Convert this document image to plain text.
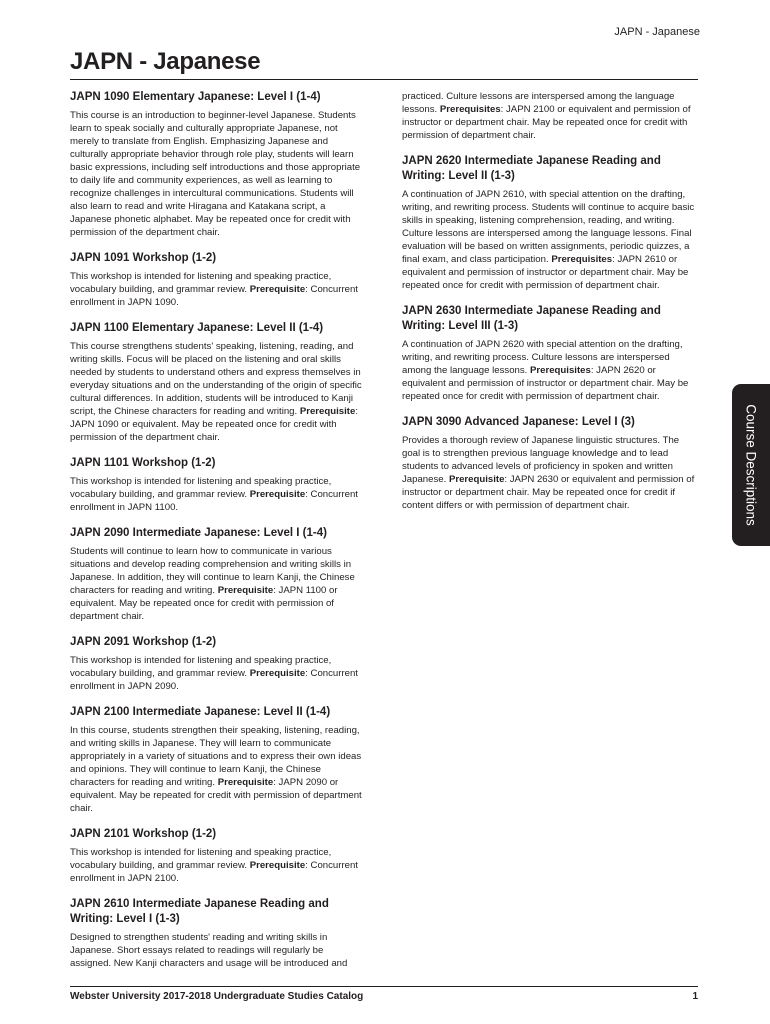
JAPN - Japanese
JAPN - Japanese
JAPN 1090 Elementary Japanese: Level I (1-4)

This course is an introduction to beginner-level Japanese. Students learn to speak socially and culturally appropriate Japanese, not merely to translate from English. Emphasizing Japanese and culturally appropriate behavior through role play, students will learn basic expressions, including self introductions and those appropriate to daily life and community experiences, as well as learning to recognize challenges in intercultural communications. Students will also learn to read and write Hiragana and Katakana script, a Japanese phonetic alphabet. May be repeated once for credit with permission of the department chair.

JAPN 1091 Workshop (1-2)

This workshop is intended for listening and speaking practice, vocabulary building, and grammar review. Prerequisite: Concurrent enrollment in JAPN 1090.

JAPN 1100 Elementary Japanese: Level II (1-4)

This course strengthens students' speaking, listening, reading, and writing skills. Focus will be placed on the listening and oral skills needed by students to understand others and express themselves in everyday situations and on the understanding of the origin of specific cultural differences. In addition, students will be introduced to Kanji script, the Chinese characters for reading and writing. Prerequisite: JAPN 1090 or equivalent. May be repeated once for credit with permission of the department chair.

JAPN 1101 Workshop (1-2)

This workshop is intended for listening and speaking practice, vocabulary building, and grammar review. Prerequisite: Concurrent enrollment in JAPN 1100.

JAPN 2090 Intermediate Japanese: Level I (1-4)

Students will continue to learn how to communicate in various situations and develop reading comprehension and writing skills in Japanese. In addition, they will continue to learn Kanji, the Chinese characters for reading and writing. Prerequisite: JAPN 1100 or equivalent. May be repeated once for credit with permission of department chair.

JAPN 2091 Workshop (1-2)

This workshop is intended for listening and speaking practice, vocabulary building, and grammar review. Prerequisite: Concurrent enrollment in JAPN 2090.

JAPN 2100 Intermediate Japanese: Level II (1-4)

In this course, students strengthen their speaking, listening, reading, and writing skills in Japanese. They will learn to communicate appropriately in a variety of situations and to express their own ideas and opinions. They will continue to learn Kanji, the Chinese characters for reading and writing. Prerequisite: JAPN 2090 or equivalent. May be repeated for credit with permission of department chair.

JAPN 2101 Workshop (1-2)

This workshop is intended for listening and speaking practice, vocabulary building, and grammar review. Prerequisite: Concurrent enrollment in JAPN 2100.

JAPN 2610 Intermediate Japanese Reading and Writing: Level I (1-3)

Designed to strengthen students' reading and writing skills in Japanese. Short essays related to readings will regularly be assigned. New Kanji characters and usage will be introduced and

practiced. Culture lessons are interspersed among the language lessons. Prerequisites: JAPN 2100 or equivalent and permission of instructor or department chair. May be repeated once for credit with permission of department chair.

JAPN 2620 Intermediate Japanese Reading and Writing: Level II (1-3)

A continuation of JAPN 2610, with special attention on the drafting, writing, and rewriting process. Students will continue to acquire basic skills in speaking, listening comprehension, reading, and writing. Culture lessons are interspersed among the language lessons. Final evaluation will be based on written assignments, periodic quizzes, a final exam, and class participation. Prerequisites: JAPN 2610 or equivalent and permission of instructor or department chair. May be repeated once for credit with permission of department chair.

JAPN 2630 Intermediate Japanese Reading and Writing: Level III (1-3)

A continuation of JAPN 2620 with special attention on the drafting, writing, and rewriting process. Culture lessons are interspersed among the language lessons. Prerequisites: JAPN 2620 or equivalent and permission of instructor or department chair. May be repeated once for credit with permission of department chair.

JAPN 3090 Advanced Japanese: Level I (3)

Provides a thorough review of Japanese linguistic structures. The goal is to strengthen previous language knowledge and to lead students to advanced levels of proficiency in spoken and written Japanese. Prerequisite: JAPN 2630 or equivalent and permission of instructor or department chair. May be repeated once for credit if content differs or with permission of department chair.	Course Descriptions
Webster University 2017-2018 Undergraduate Studies Catalog	1
